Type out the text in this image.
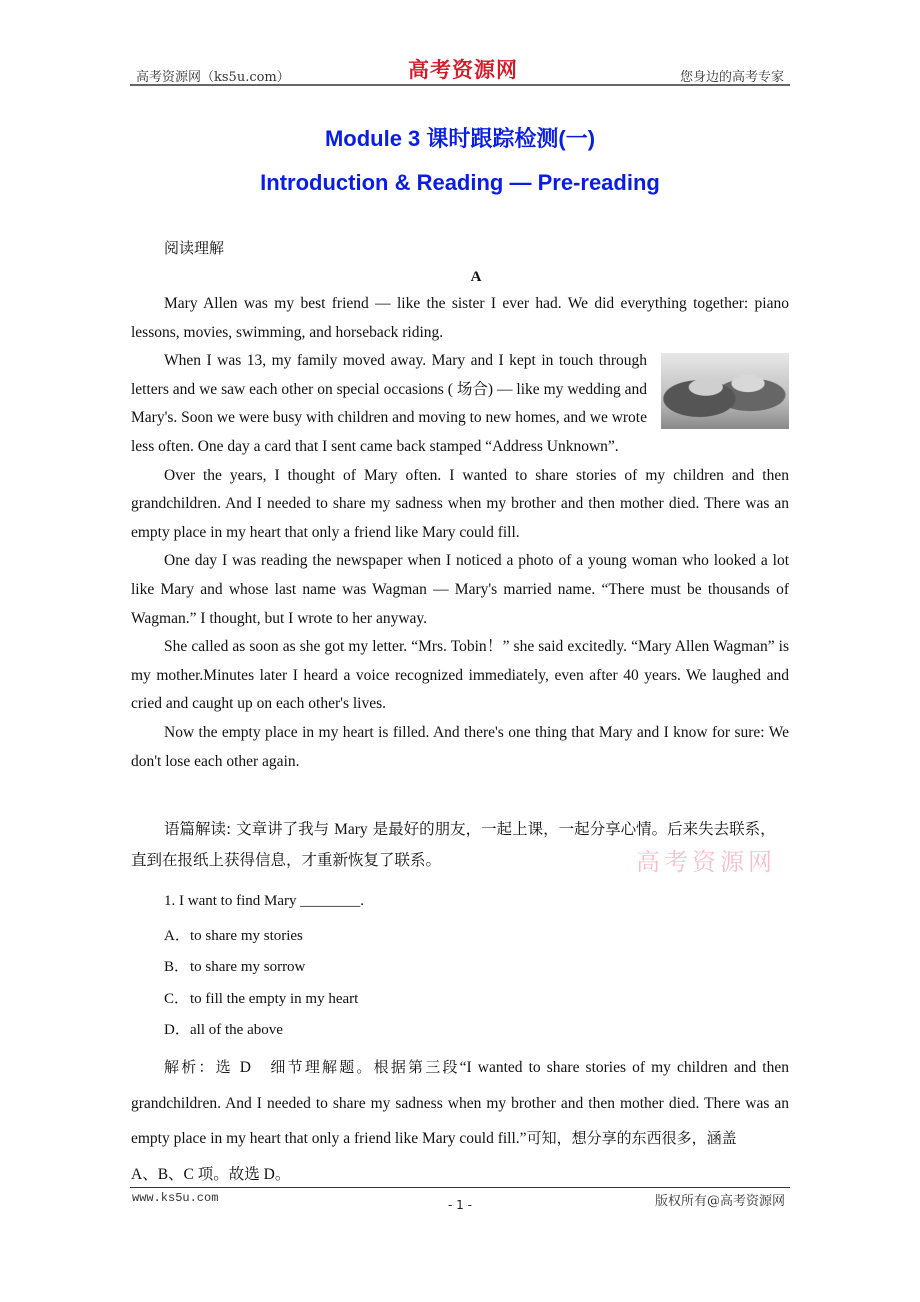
高考资源网（ks5u.com）	高考资源网	您身边的高考专家
Module 3 课时跟踪检测(一)
Introduction & Reading — Pre-reading
阅读理解
A

Mary Allen was my best friend — like the sister I ever had. We did everything together: piano lessons, movies, swimming, and horseback riding.

When I was 13, my family moved away. Mary and I kept in touch through letters and we saw each other on special occasions ( 场合) — like my wedding and Mary's. Soon we were busy with children and moving to new homes, and we wrote less often. One day a card that I sent came back stamped “Address Unknown”.

Over the years, I thought of Mary often. I wanted to share stories of my children and then grandchildren. And I needed to share my sadness when my brother and then mother died. There was an empty place in my heart that only a friend like Mary could fill.

One day I was reading the newspaper when I noticed a photo of a young woman who looked a lot like Mary and whose last name was Wagman — Mary's married name. “There must be thousands of Wagman.” I thought, but I wrote to her anyway.

She called as soon as she got my letter. “Mrs. Tobin！” she said excitedly. “Mary Allen Wagman” is my mother.Minutes later I heard a voice recognized immediately, even after 40 years. We laughed and cried and caught up on each other's lives.

Now the empty place in my heart is filled. And there's one thing that Mary and I know for sure: We don't lose each other again.

语篇解读: 文章讲了我与 Mary 是最好的朋友，一起上课，一起分享心情。后来失去联系，直到在报纸上获得信息，才重新恢复了联系。	高考资源网
1. I want to find Mary ________.
A．to share my stories
B．to share my sorrow
C．to fill the empty in my heart
D．all of the above
解析：选 D　细节理解题。根据第三段“I wanted to share stories of my children and then grandchildren. And I needed to share my sadness when my brother and then mother died. There was an empty place in my heart that only a friend like Mary could fill.”可知，想分享的东西很多，涵盖
A、B、C 项。故选 D。
www.ks5u.com	- 1 -	版权所有@高考资源网
